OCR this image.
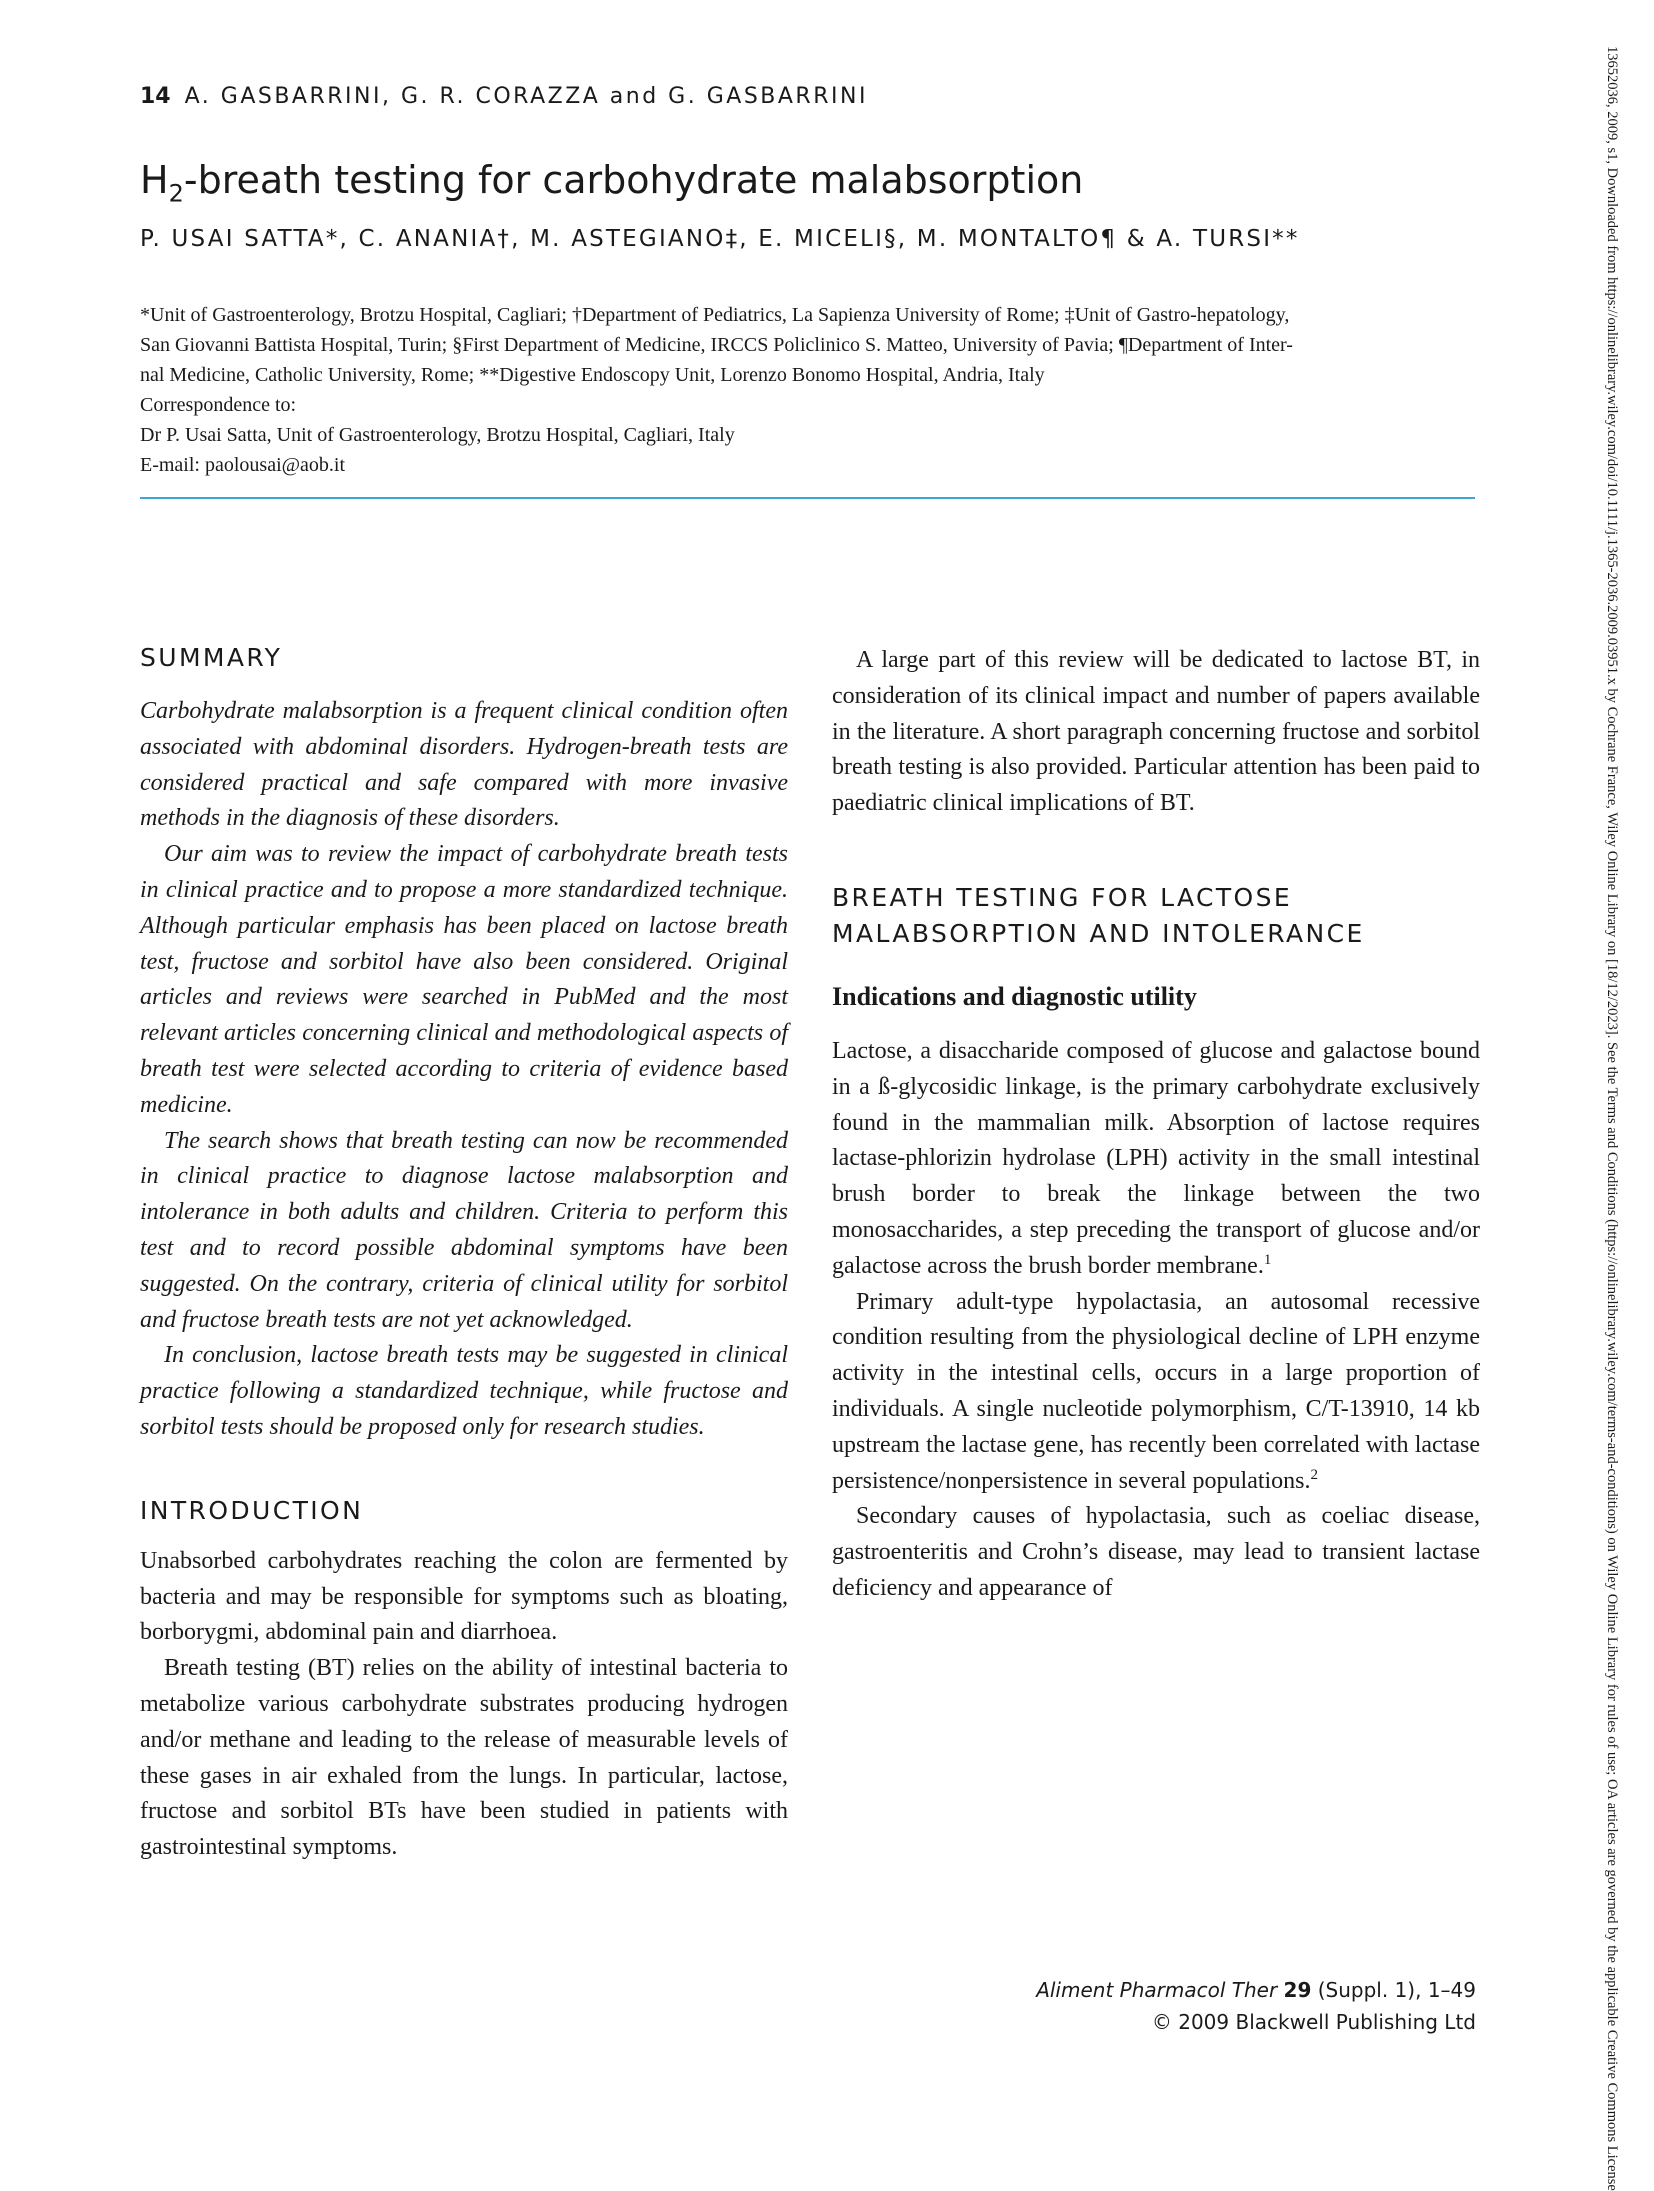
14 A. GASBARRINI, G. R. CORAZZA and G. GASBARRINI
$H_2$-breath testing for carbohydrate malabsorption
P. USAI SATTA*, C. ANANIA†, M. ASTEGIANO‡, E. MICELI§, M. MONTALTO¶ & A. TURSI**
*Unit of Gastroenterology, Brotzu Hospital, Cagliari; †Department of Pediatrics, La Sapienza University of Rome; ‡Unit of Gastro-hepatology,
San Giovanni Battista Hospital, Turin; §First Department of Medicine, IRCCS Policlinico S. Matteo, University of Pavia; ¶Department of Inter-
nal Medicine, Catholic University, Rome; **Digestive Endoscopy Unit, Lorenzo Bonomo Hospital, Andria, Italy
Correspondence to:
Dr P. Usai Satta, Unit of Gastroenterology, Brotzu Hospital, Cagliari, Italy
E-mail: paolousai@aob.it
SUMMARY

Carbohydrate malabsorption is a frequent clinical condition often associated with abdominal disorders. Hydrogen-breath tests are considered practical and safe compared with more invasive methods in the diagnosis of these disorders.

Our aim was to review the impact of carbohydrate breath tests in clinical practice and to propose a more standardized technique. Although particular emphasis has been placed on lactose breath test, fructose and sorbitol have also been considered. Original articles and reviews were searched in PubMed and the most relevant articles concerning clinical and methodological aspects of breath test were selected according to criteria of evidence based medicine.

The search shows that breath testing can now be recommended in clinical practice to diagnose lactose malabsorption and intolerance in both adults and children. Criteria to perform this test and to record possible abdominal symptoms have been suggested. On the contrary, criteria of clinical utility for sorbitol and fructose breath tests are not yet acknowledged.

In conclusion, lactose breath tests may be suggested in clinical practice following a standardized technique, while fructose and sorbitol tests should be proposed only for research studies.

INTRODUCTION

Unabsorbed carbohydrates reaching the colon are fermented by bacteria and may be responsible for symptoms such as bloating, borborygmi, abdominal pain and diarrhoea.

Breath testing (BT) relies on the ability of intestinal bacteria to metabolize various carbohydrate substrates producing hydrogen and/or methane and leading to the release of measurable levels of these gases in air exhaled from the lungs. In particular, lactose, fructose and sorbitol BTs have been studied in patients with gastrointestinal symptoms.

A large part of this review will be dedicated to lactose BT, in consideration of its clinical impact and number of papers available in the literature. A short paragraph concerning fructose and sorbitol breath testing is also provided. Particular attention has been paid to paediatric clinical implications of BT.

BREATH TESTING FOR LACTOSE
MALABSORPTION AND INTOLERANCE
Indications and diagnostic utility

Lactose, a disaccharide composed of glucose and galactose bound in a ß-glycosidic linkage, is the primary carbohydrate exclusively found in the mammalian milk. Absorption of lactose requires lactase-phlorizin hydrolase (LPH) activity in the small intestinal brush border to break the linkage between the two monosaccharides, a step preceding the transport of glucose and/or galactose across the brush border membrane.$^1$

Primary adult-type hypolactasia, an autosomal recessive condition resulting from the physiological decline of LPH enzyme activity in the intestinal cells, occurs in a large proportion of individuals. A single nucleotide polymorphism, C/T-13910, 14 kb upstream the lactase gene, has recently been correlated with lactase persistence/nonpersistence in several populations.$^2$

Secondary causes of hypolactasia, such as coeliac disease, gastroenteritis and Crohn’s disease, may lead to transient lactase deficiency and appearance of

Aliment Pharmacol Ther 29 (Suppl. 1), 1–49
© 2009 Blackwell Publishing Ltd	13652036, 2009, s1, Downloaded from https://onlinelibrary.wiley.com/doi/10.1111/j.1365-2036.2009.03951.x by Cochrane France, Wiley Online Library on [18/12/2023]. See the Terms and Conditions (https://onlinelibrary.wiley.com/terms-and-conditions) on Wiley Online Library for rules of use; OA articles are governed by the applicable Creative Commons License
